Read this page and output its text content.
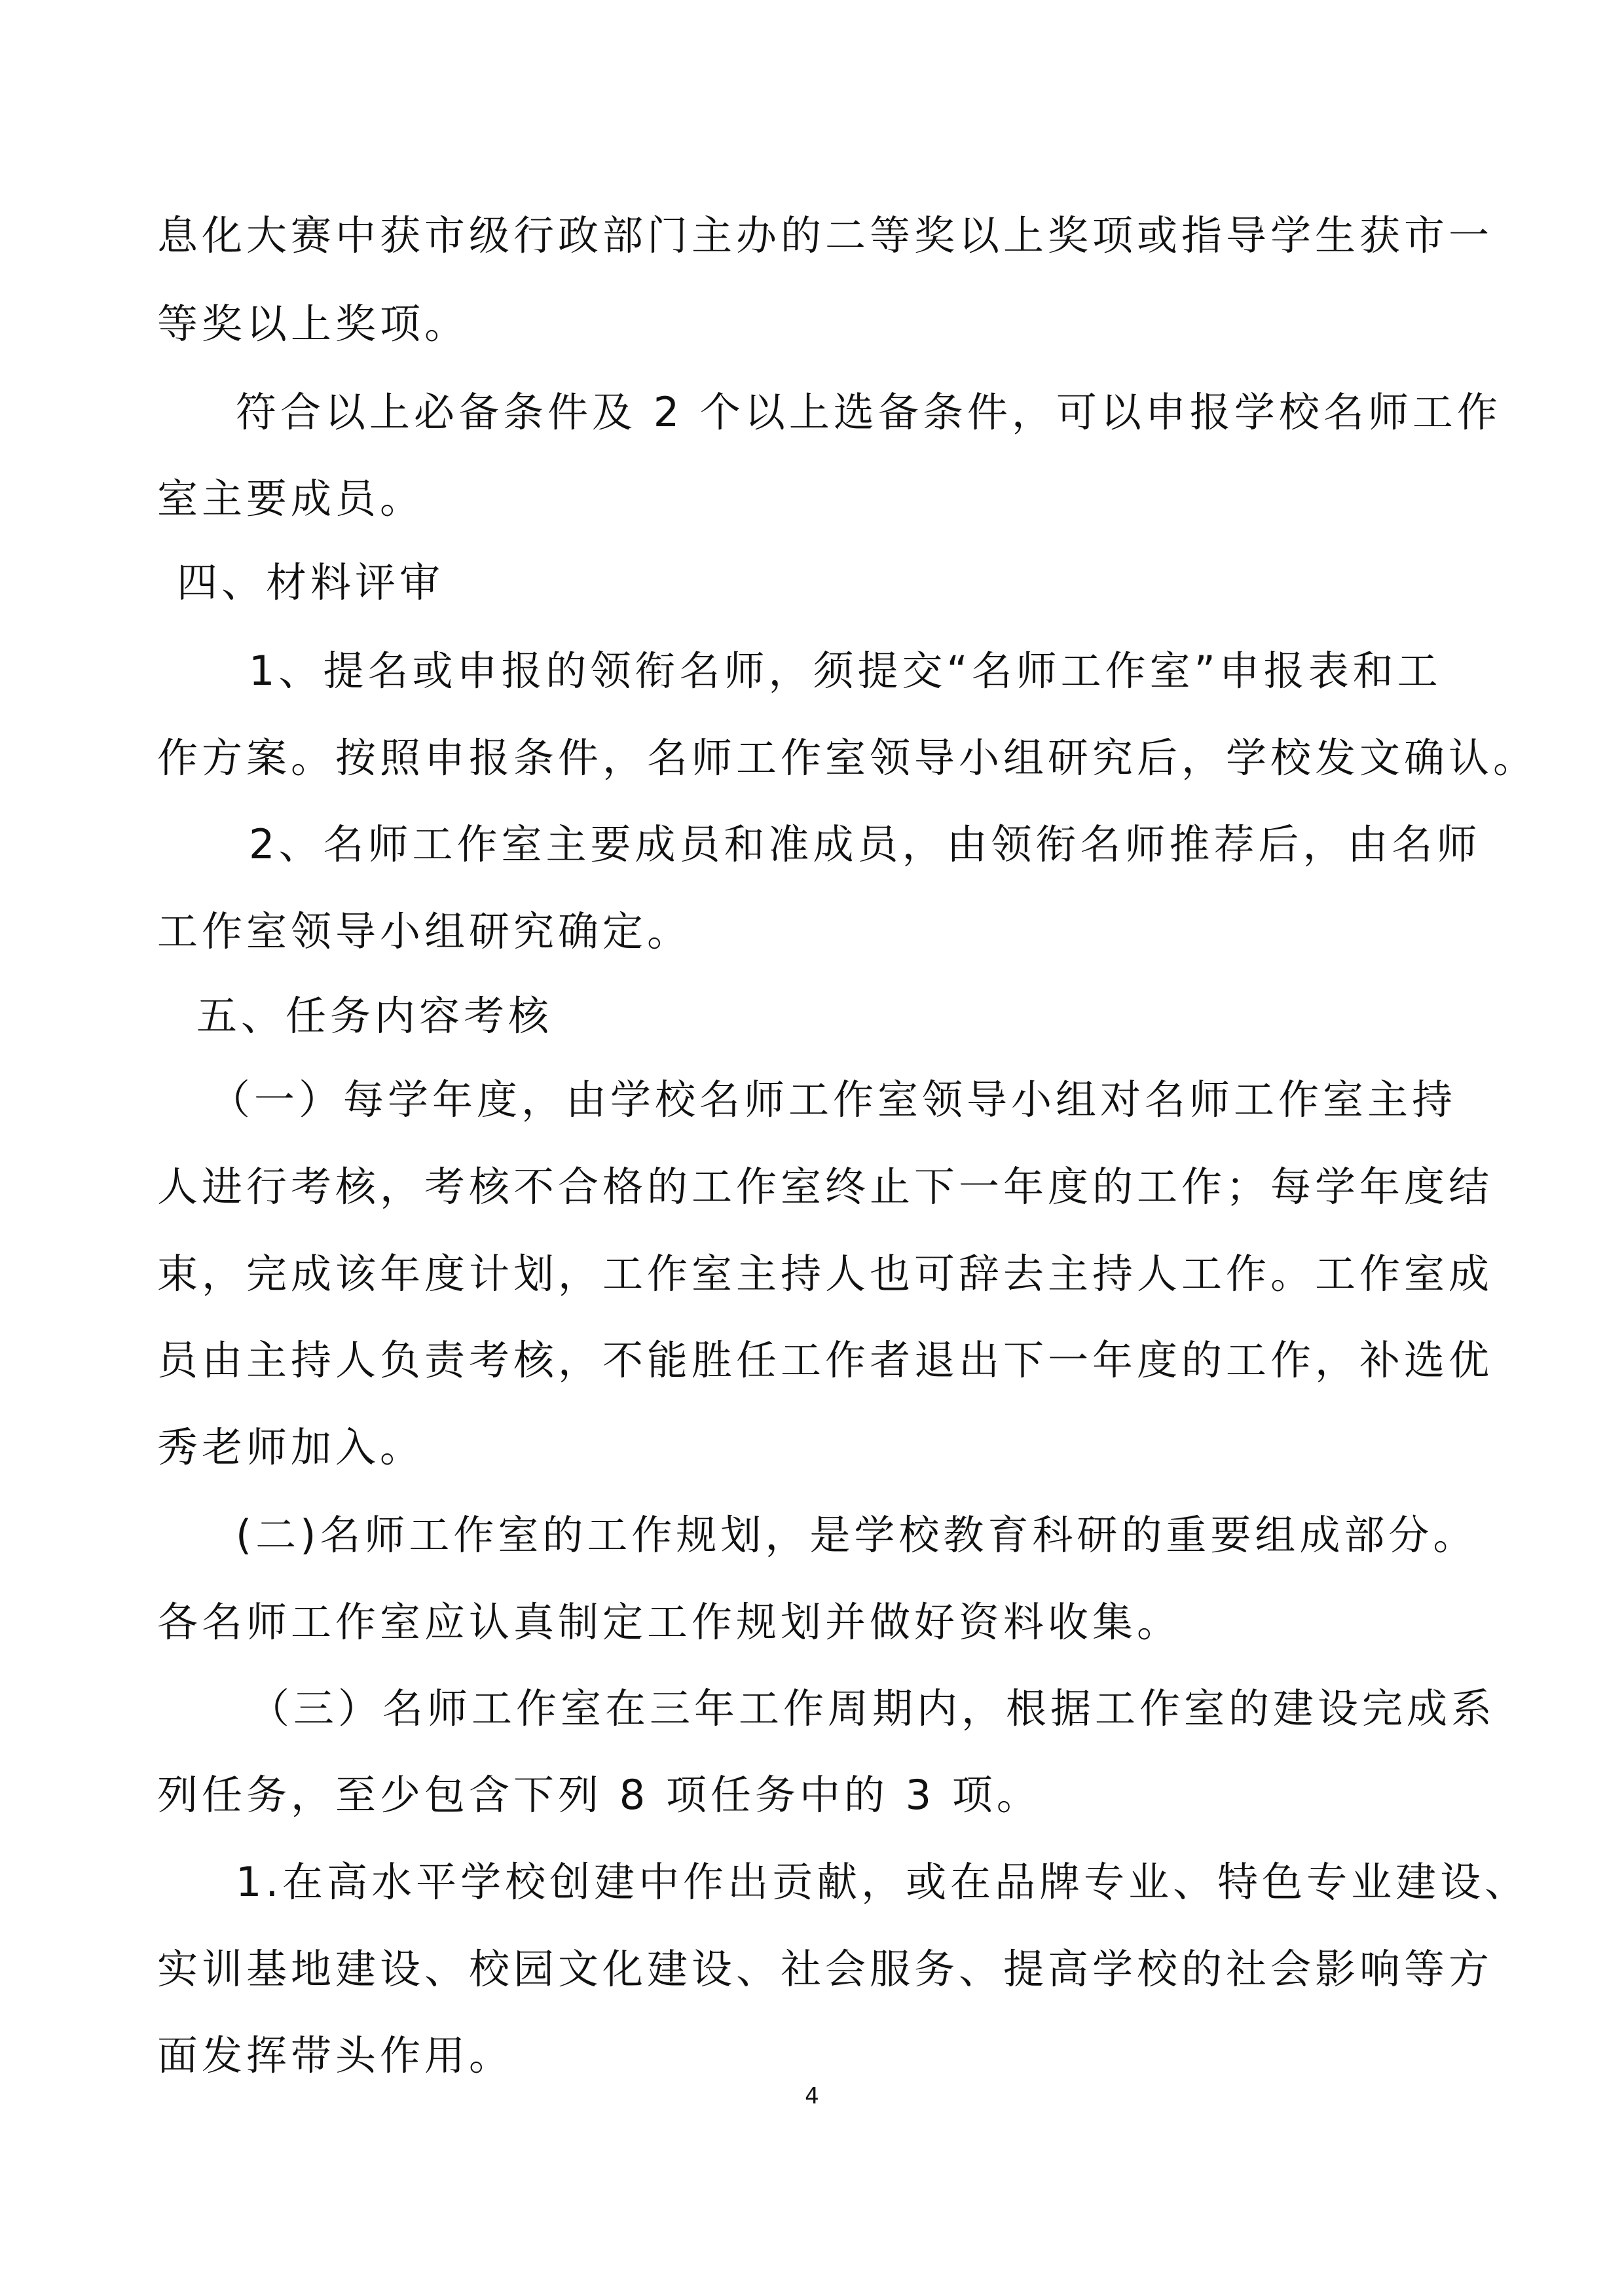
息化大赛中获市级行政部门主办的二等奖以上奖项或指导学生获市一
等奖以上奖项。
符合以上必备条件及 2 个以上选备条件，可以申报学校名师工作
室主要成员。
四、材料评审
1、提名或申报的领衔名师，须提交“名师工作室”申报表和工
作方案。按照申报条件，名师工作室领导小组研究后，学校发文确认。
2、名师工作室主要成员和准成员，由领衔名师推荐后，由名师
工作室领导小组研究确定。
五、任务内容考核
（一）每学年度，由学校名师工作室领导小组对名师工作室主持
人进行考核，考核不合格的工作室终止下一年度的工作；每学年度结
束，完成该年度计划，工作室主持人也可辞去主持人工作。工作室成
员由主持人负责考核，不能胜任工作者退出下一年度的工作，补选优
秀老师加入。
(二)名师工作室的工作规划，是学校教育科研的重要组成部分。
各名师工作室应认真制定工作规划并做好资料收集。
（三）名师工作室在三年工作周期内，根据工作室的建设完成系
列任务，至少包含下列 8 项任务中的 3 项。
1.在高水平学校创建中作出贡献，或在品牌专业、特色专业建设、
实训基地建设、校园文化建设、社会服务、提高学校的社会影响等方
面发挥带头作用。
4
